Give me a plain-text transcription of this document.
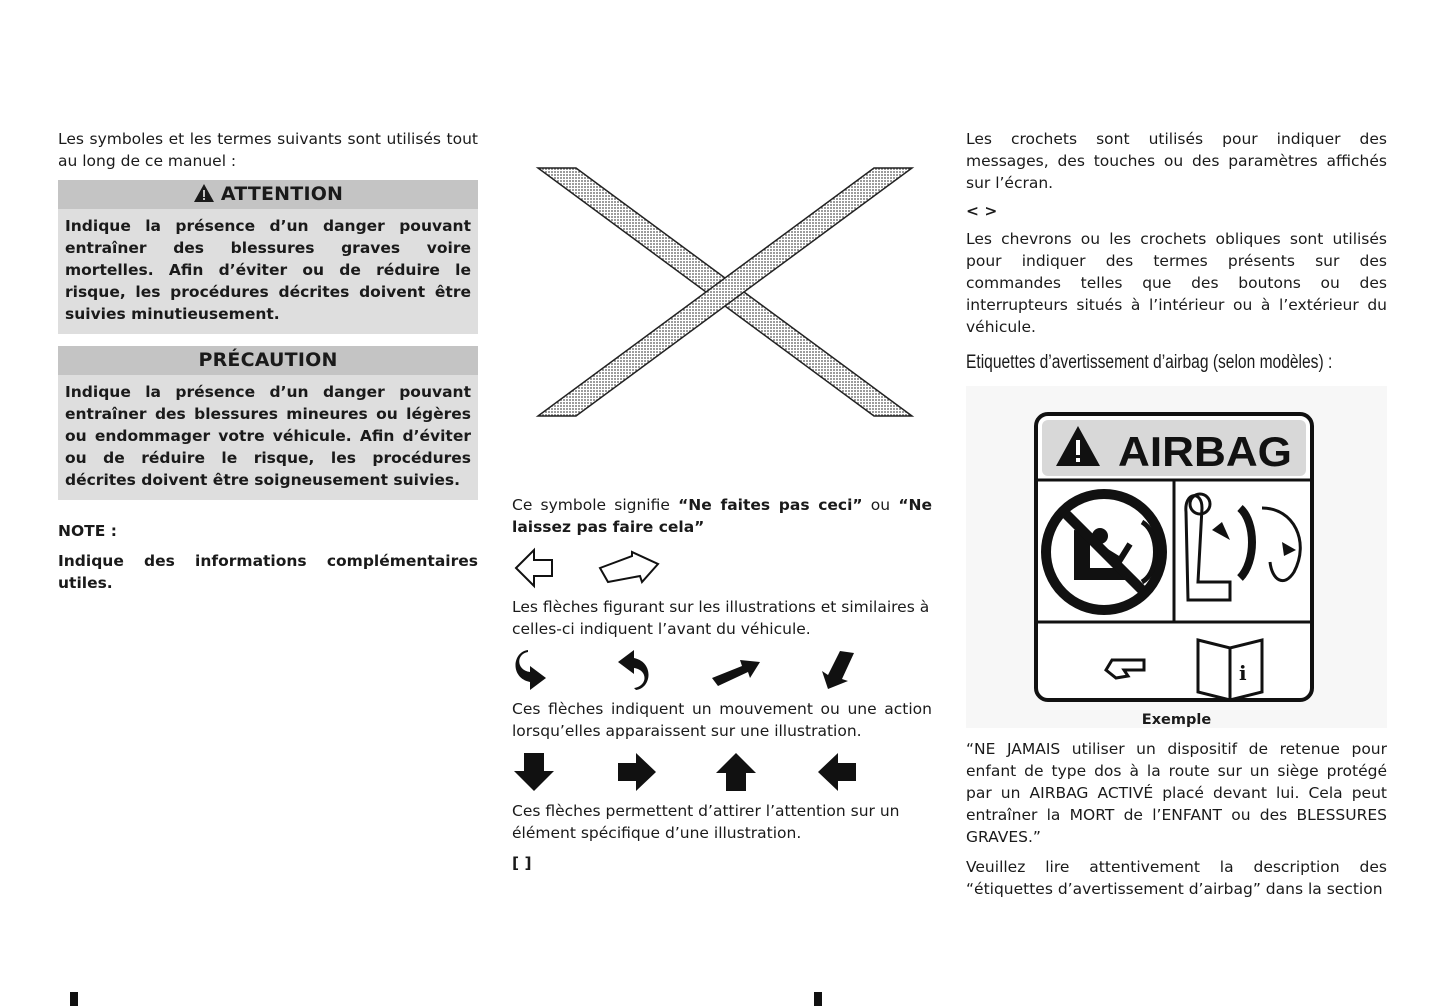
Les symboles et les termes suivants sont utilisés tout au long de ce manuel :

ATTENTION
Indique la présence d’un danger pouvant entraîner des blessures graves voire mortelles. Afin d’éviter ou de réduire le risque, les procédures décrites doivent être suivies minutieusement.
PRÉCAUTION
Indique la présence d’un danger pouvant entraîner des blessures mineures ou légères ou endommager votre véhicule. Afin d’éviter ou de réduire le risque, les procédures décrites doivent être soigneusement suivies.
NOTE :

Indique des informations complémentaires utiles.

Ce symbole signifie “Ne faites pas ceci” ou “Ne laissez pas faire cela”

Les flèches figurant sur les illustrations et similaires à celles-ci indiquent l’avant du véhicule.

Ces flèches indiquent un mouvement ou une action lorsqu’elles apparaissent sur une illustration.

Ces flèches permettent d’attirer l’attention sur un élément spécifique d’une illustration.

[ ]

Les crochets sont utilisés pour indiquer des messages, des touches ou des paramètres affichés sur l’écran.

< >

Les chevrons ou les crochets obliques sont utilisés pour indiquer des termes présents sur des commandes telles que des boutons ou des interrupteurs situés à l’intérieur ou à l’extérieur du véhicule.

Etiquettes d’avertissement d’airbag (selon modèles) :
AIRBAG
i
Exemple

“NE JAMAIS utiliser un dispositif de retenue pour enfant de type dos à la route sur un siège protégé par un AIRBAG ACTIVÉ placé devant lui. Cela peut entraîner la MORT de l’ENFANT ou des BLESSURES GRAVES.”

Veuillez lire attentivement la description des “étiquettes d’avertissement d’airbag” dans la section
